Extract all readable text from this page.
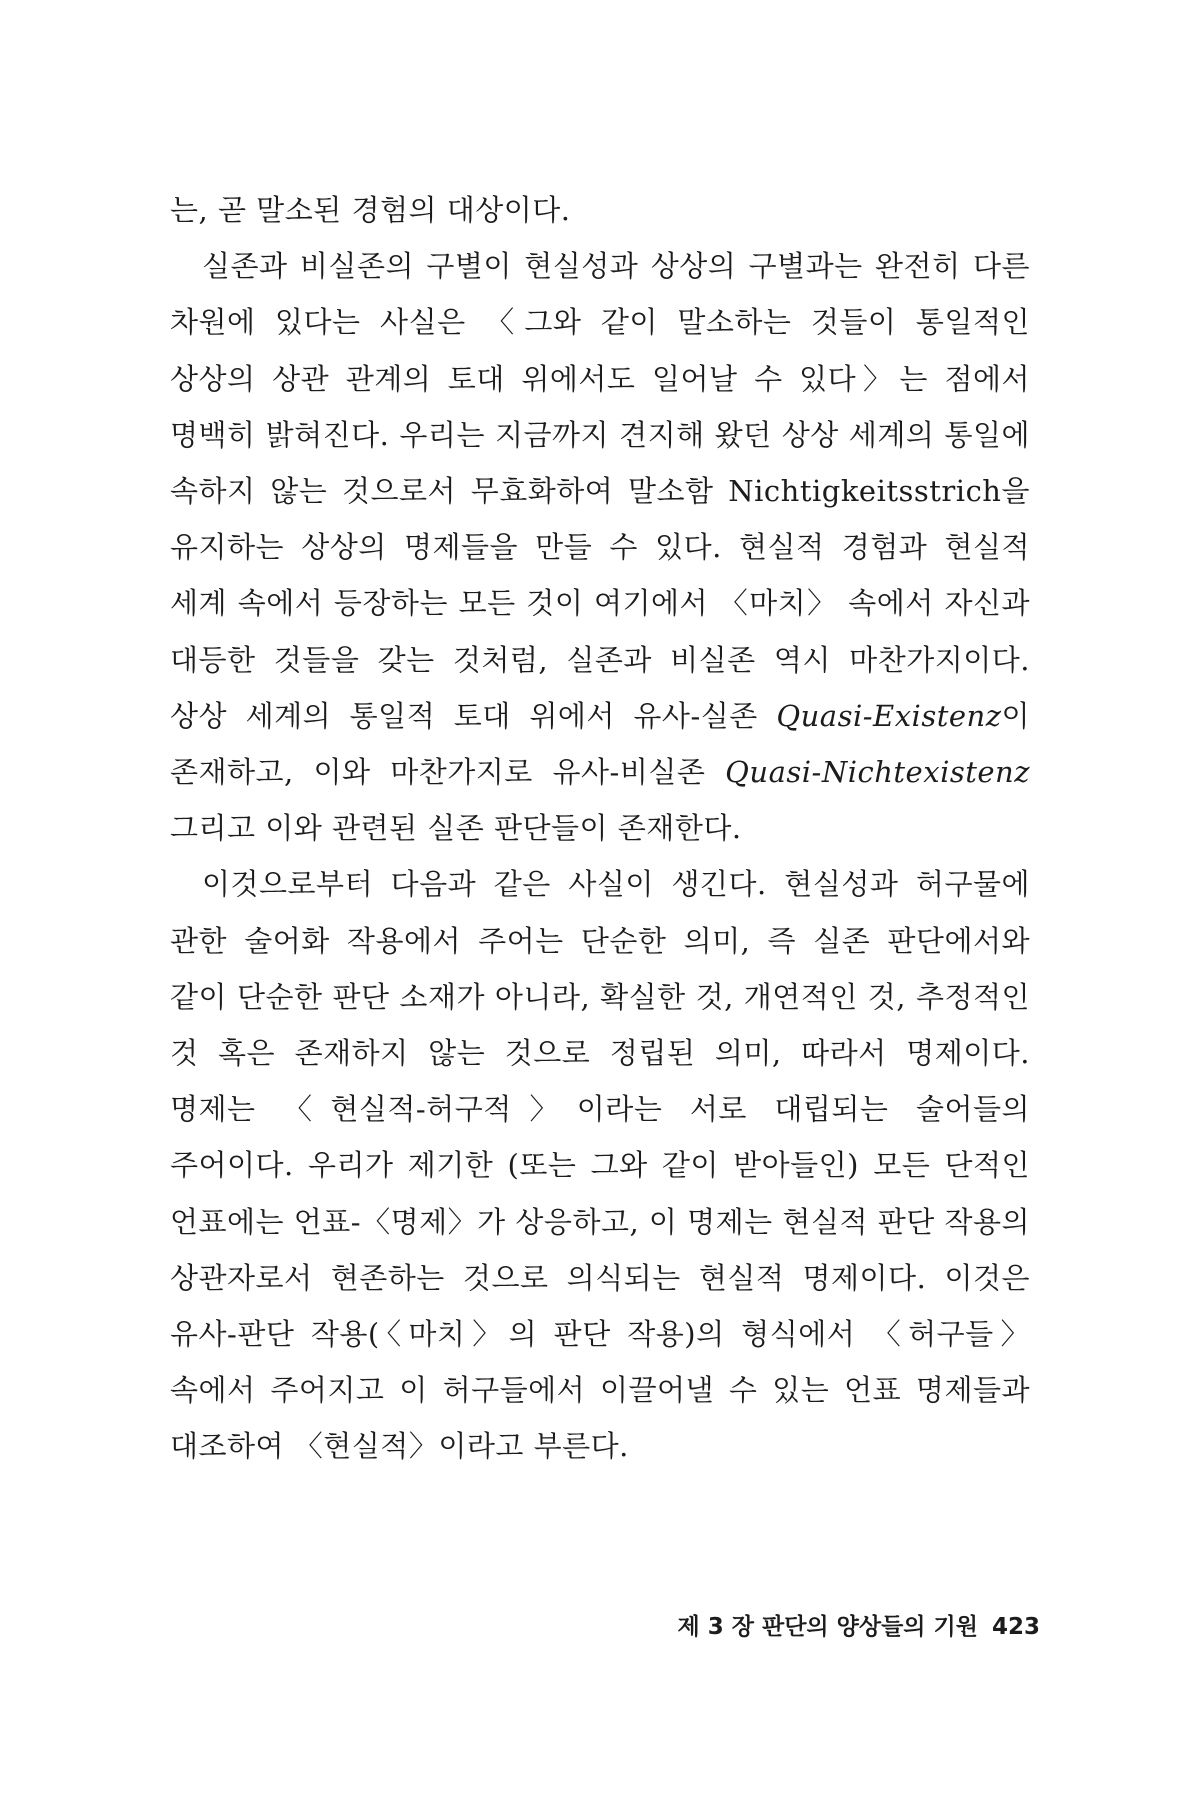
는, 곧 말소된 경험의 대상이다.

실존과 비실존의 구별이 현실성과 상상의 구별과는 완전히 다른 차원에 있다는 사실은 〈그와 같이 말소하는 것들이 통일적인 상상의 상관 관계의 토대 위에서도 일어날 수 있다〉는 점에서 명백히 밝혀진다. 우리는 지금까지 견지해 왔던 상상 세계의 통일에 속하지 않는 것으로서 무효화하여 말소함 Nichtigkeitsstrich을 유지하는 상상의 명제들을 만들 수 있다. 현실적 경험과 현실적 세계 속에서 등장하는 모든 것이 여기에서 〈마치〉 속에서 자신과 대등한 것들을 갖는 것처럼, 실존과 비실존 역시 마찬가지이다. 상상 세계의 통일적 토대 위에서 유사-실존 Quasi-Existenz이 존재하고, 이와 마찬가지로 유사-비실존 Quasi-Nichtexistenz 그리고 이와 관련된 실존 판단들이 존재한다.

이것으로부터 다음과 같은 사실이 생긴다. 현실성과 허구물에 관한 술어화 작용에서 주어는 단순한 의미, 즉 실존 판단에서와 같이 단순한 판단 소재가 아니라, 확실한 것, 개연적인 것, 추정적인 것 혹은 존재하지 않는 것으로 정립된 의미, 따라서 명제이다. 명제는 〈현실적-허구적〉이라는 서로 대립되는 술어들의 주어이다. 우리가 제기한 (또는 그와 같이 받아들인) 모든 단적인 언표에는 언표-〈명제〉가 상응하고, 이 명제는 현실적 판단 작용의 상관자로서 현존하는 것으로 의식되는 현실적 명제이다. 이것은 유사-판단 작용(〈마치〉의 판단 작용)의 형식에서 〈허구들〉 속에서 주어지고 이 허구들에서 이끌어낼 수 있는 언표 명제들과 대조하여 〈현실적〉이라고 부른다.

제 3 장 판단의 양상들의 기원 423
